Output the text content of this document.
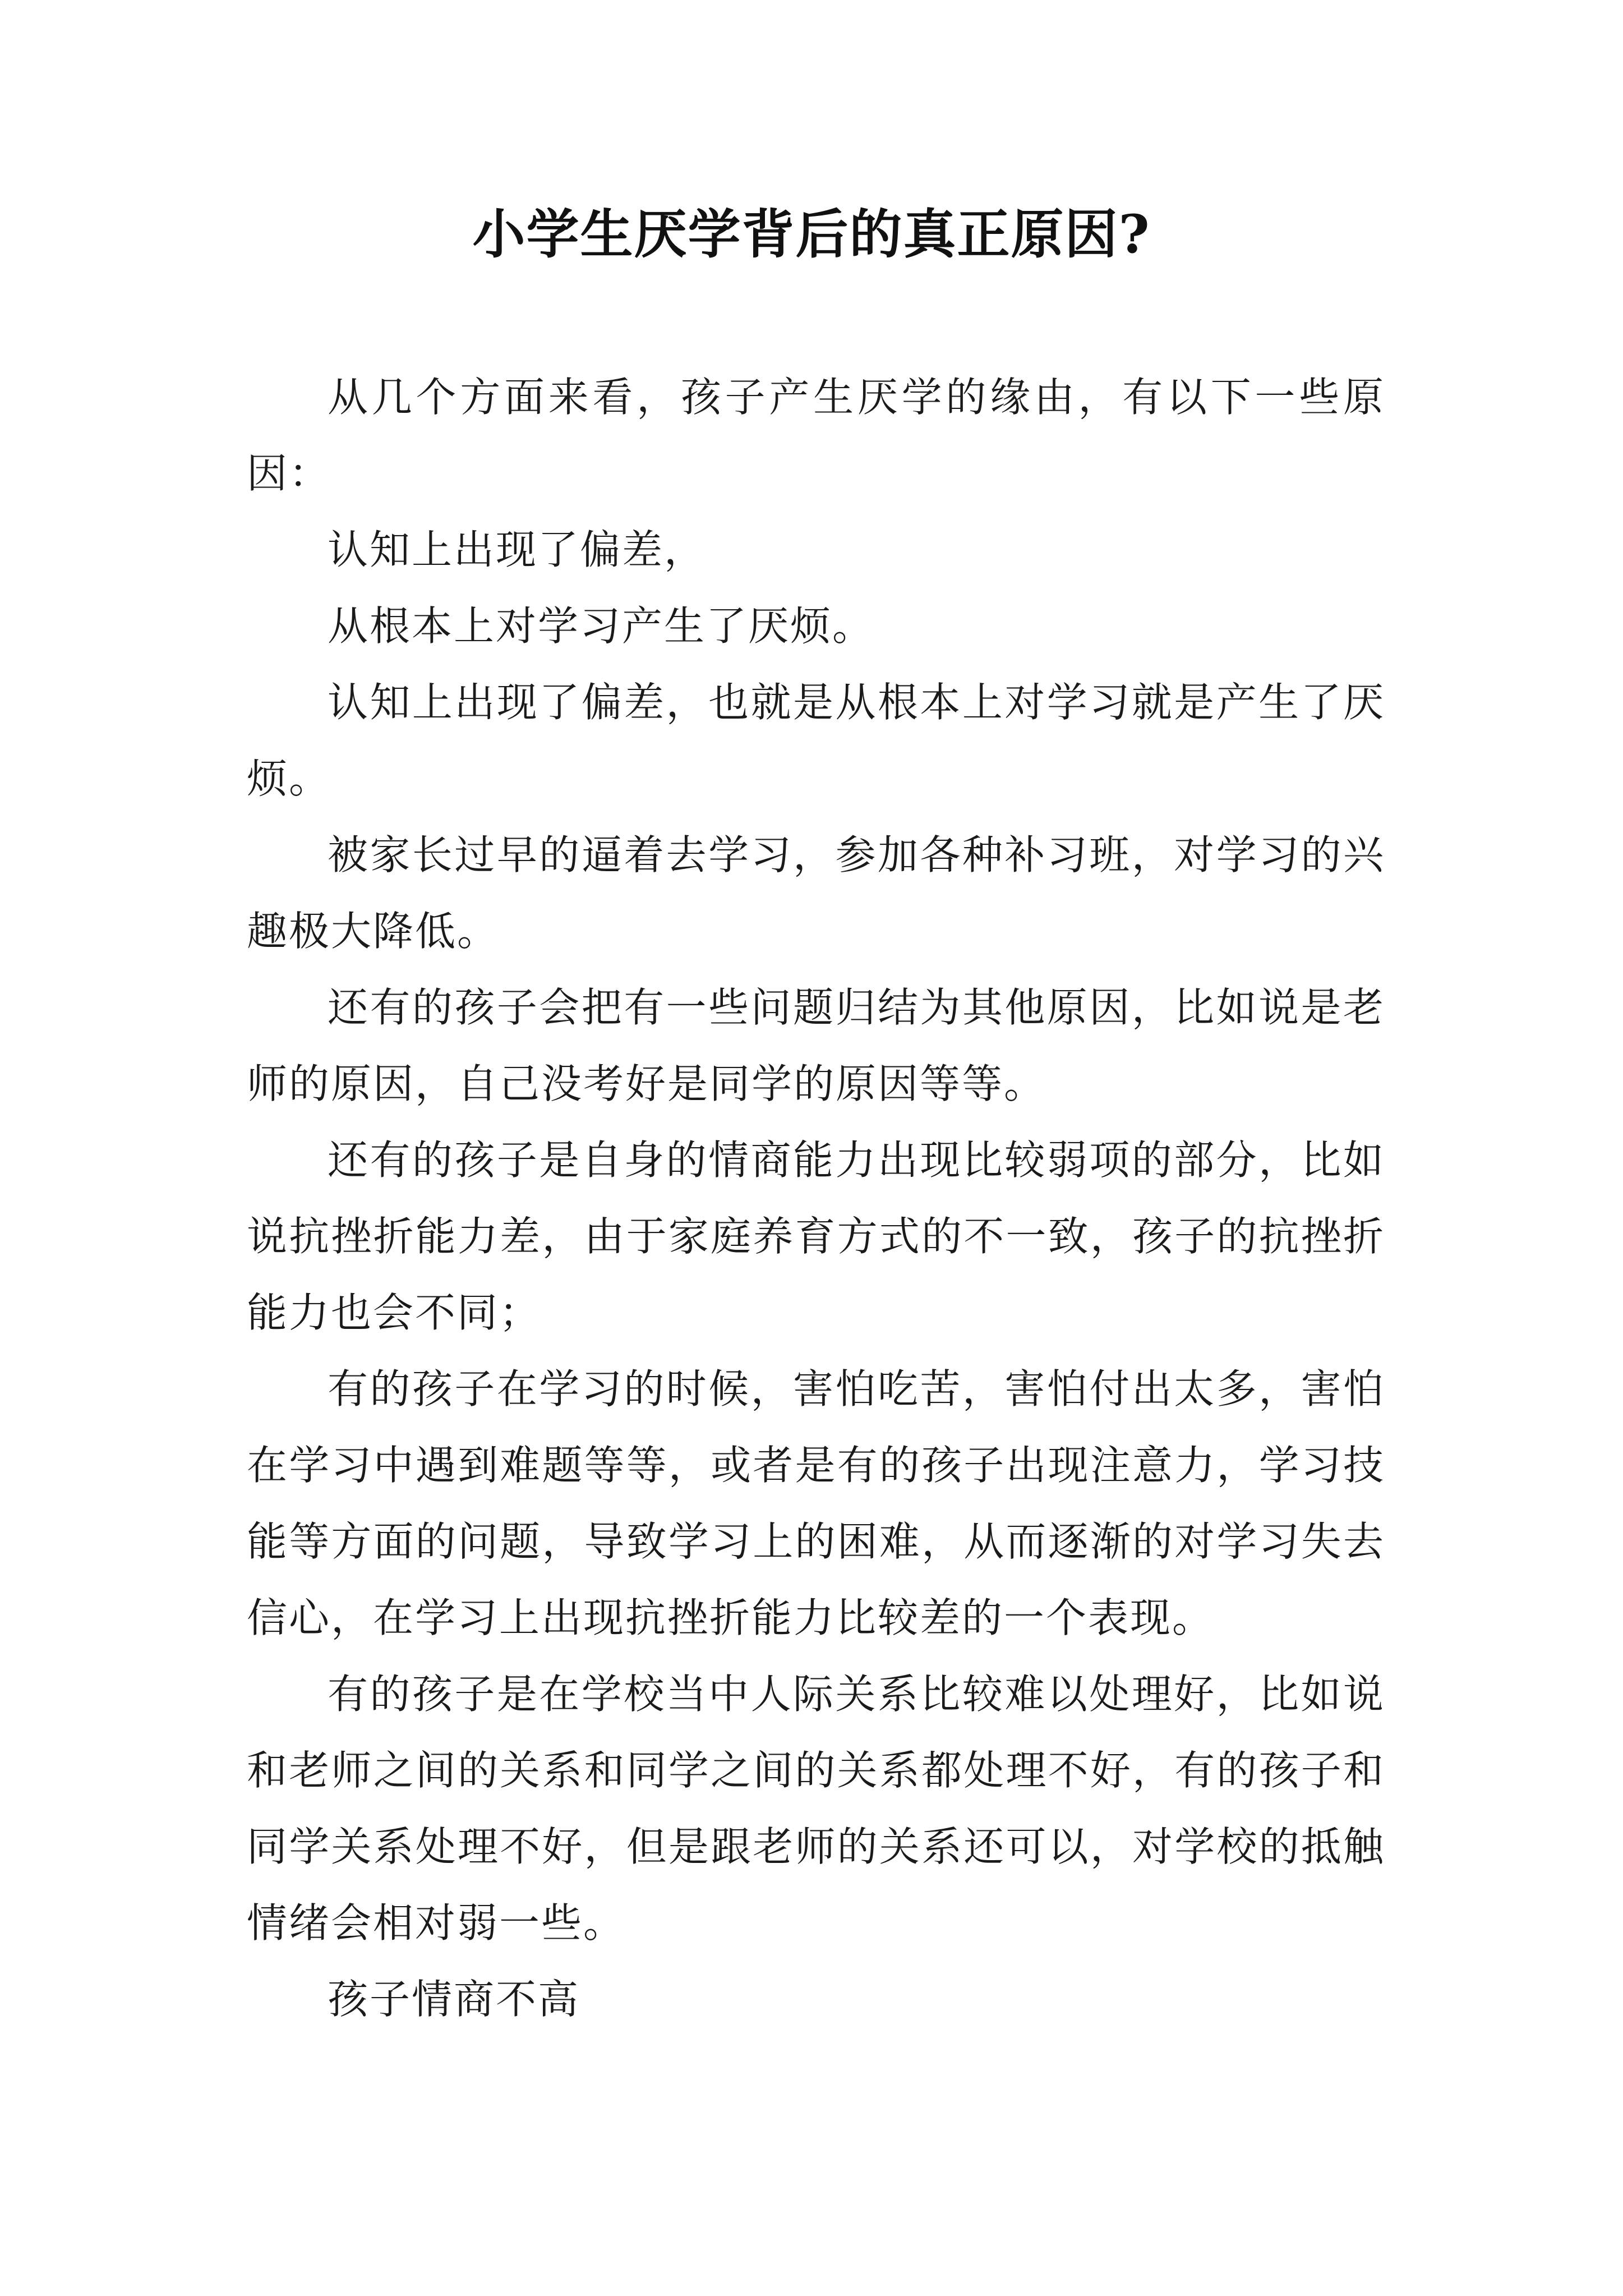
小学生厌学背后的真正原因?

从几个方面来看，孩子产生厌学的缘由，有以下一些原因：

认知上出现了偏差，

从根本上对学习产生了厌烦。

认知上出现了偏差，也就是从根本上对学习就是产生了厌烦。

被家长过早的逼着去学习，参加各种补习班，对学习的兴趣极大降低。

还有的孩子会把有一些问题归结为其他原因，比如说是老师的原因，自己没考好是同学的原因等等。

还有的孩子是自身的情商能力出现比较弱项的部分，比如说抗挫折能力差，由于家庭养育方式的不一致，孩子的抗挫折能力也会不同；

有的孩子在学习的时候，害怕吃苦，害怕付出太多，害怕在学习中遇到难题等等，或者是有的孩子出现注意力，学习技能等方面的问题，导致学习上的困难，从而逐渐的对学习失去信心，在学习上出现抗挫折能力比较差的一个表现。

有的孩子是在学校当中人际关系比较难以处理好，比如说和老师之间的关系和同学之间的关系都处理不好，有的孩子和同学关系处理不好，但是跟老师的关系还可以，对学校的抵触情绪会相对弱一些。

孩子情商不高
